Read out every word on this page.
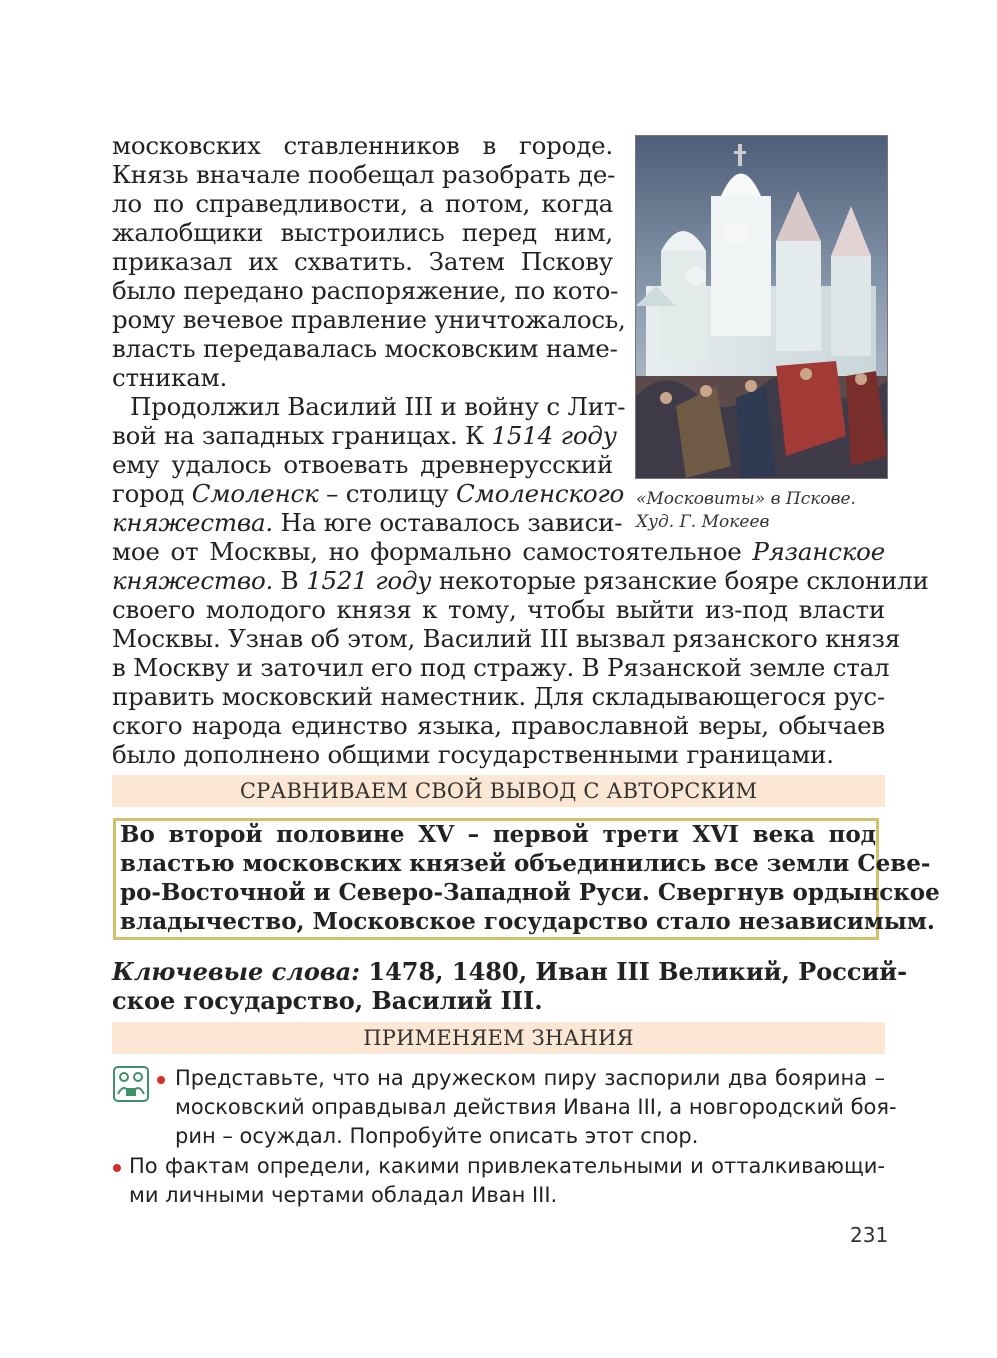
московских ставленников в городе.
Князь вначале пообещал разобрать де-
ло по справедливости, а потом, когда
жалобщики выстроились перед ним,
приказал их схватить. Затем Пскову
было передано распоряжение, по кото-
рому вечевое правление уничтожалось,
власть передавалась московским наме-
стникам.
Продолжил Василий III и войну с Лит-
вой на западных границах. К 1514 году
ему удалось отвоевать древнерусский
город Смоленск – столицу Смоленского
княжества. На юге оставалось зависи-
мое от Москвы, но формально самостоятельное Рязанское
княжество. В 1521 году некоторые рязанские бояре склонили
своего молодого князя к тому, чтобы выйти из-под власти
Москвы. Узнав об этом, Василий III вызвал рязанского князя
в Москву и заточил его под стражу. В Рязанской земле стал
править московский наместник. Для складывающегося рус-
ского народа единство языка, православной веры, обычаев
было дополнено общими государственными границами.
«Московиты» в Пскове.
Худ. Г. Мокеев
СРАВНИВАЕМ СВОЙ ВЫВОД С АВТОРСКИМ
Во второй половине XV – первой трети XVI века под
властью московских князей объединились все земли Севе-
ро-Восточной и Северо-Западной Руси. Свергнув ордынское
владычество, Московское государство стало независимым.
Ключевые слова: 1478, 1480, Иван III Великий, Россий-
ское государство, Василий III.
ПРИМЕНЯЕМ ЗНАНИЯ
Представьте, что на дружеском пиру заспорили два боярина –
московский оправдывал действия Ивана III, а новгородский боя-
рин – осуждал. Попробуйте описать этот спор.
По фактам определи, какими привлекательными и отталкивающи-
ми личными чертами обладал Иван III.
231
